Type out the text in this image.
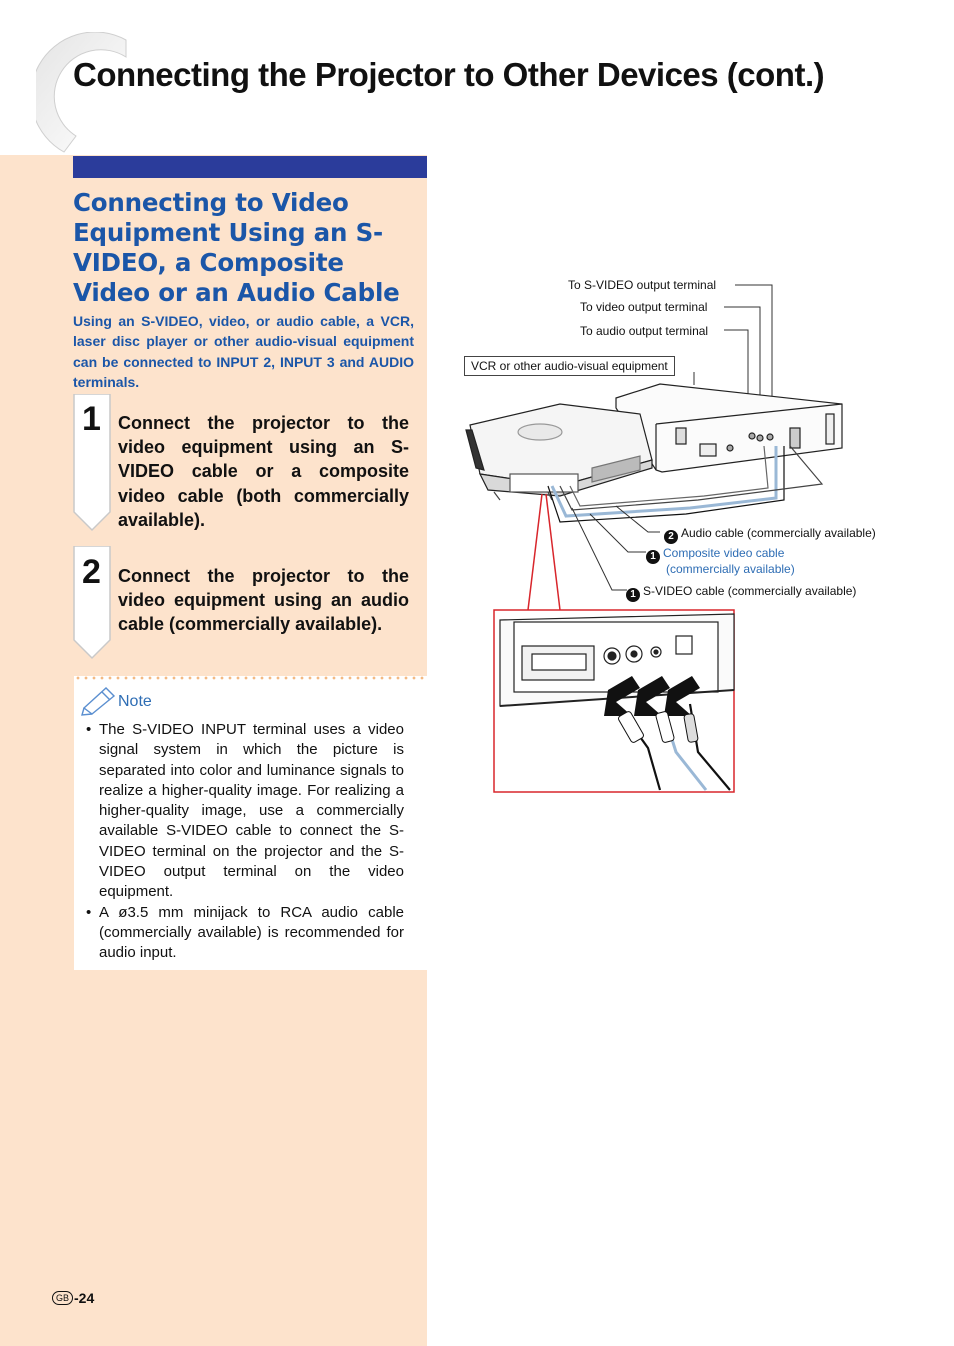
Connecting the Projector to Other Devices (cont.)
Connecting to Video Equipment Using an S-VIDEO, a Composite Video or an Audio Cable

Using an S-VIDEO, video, or audio cable, a VCR, laser disc player or other audio-visual equipment can be connected to INPUT 2, INPUT 3 and AUDIO terminals.

1 Connect the projector to the video equipment using an S-VIDEO cable or a composite video cable (both commercially available).

2 Connect the projector to the video equipment using an audio cable (commercially available).

Note
• The S-VIDEO INPUT terminal uses a video signal system in which the picture is separated into color and luminance signals to realize a higher-quality image. For realizing a higher-quality image, use a commercially available S-VIDEO cable to connect the S-VIDEO terminal on the projector and the S-VIDEO output terminal on the video equipment.
• A ø3.5 mm minijack to RCA audio cable (commercially available) is recommended for audio input.
To S-VIDEO output terminal
To video output terminal
To audio output terminal
VCR or other audio-visual equipment
2 Audio cable (commercially available)
1 Composite video cable
(commercially available)
1 S-VIDEO cable (commercially available)
GB -24
